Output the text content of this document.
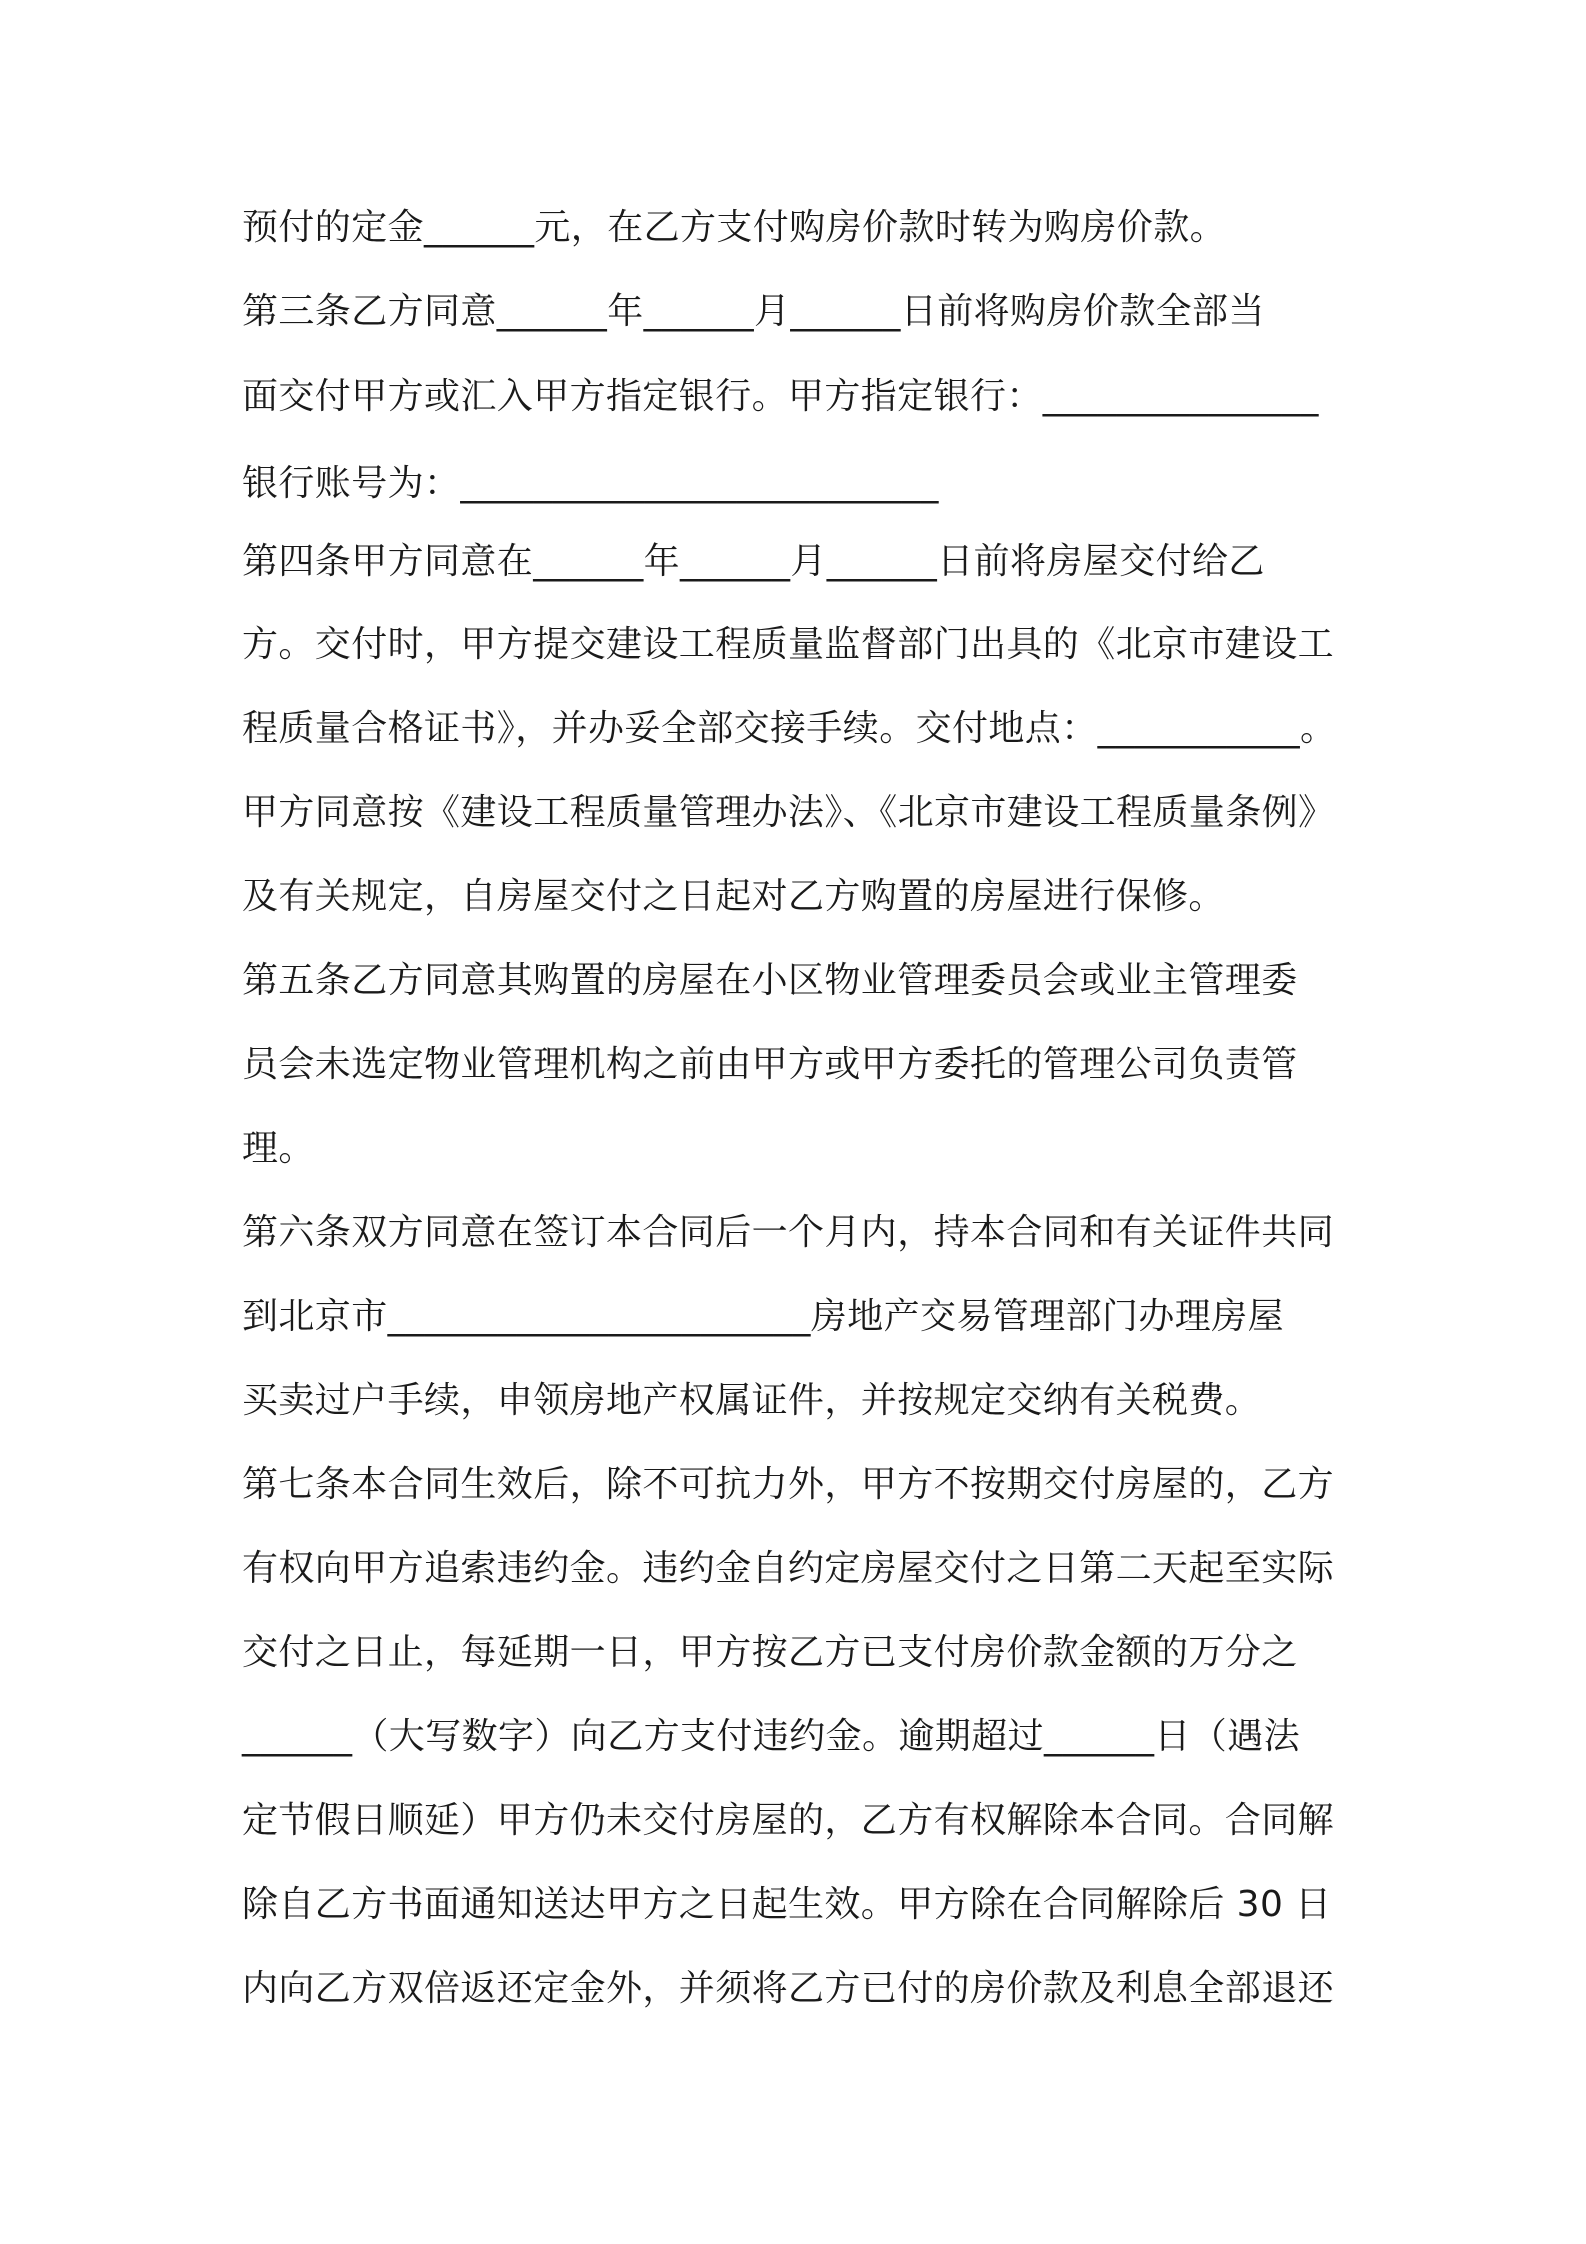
预付的定金______元，在乙方支付购房价款时转为购房价款。
第三条乙方同意______年______月______日前将购房价款全部当
面交付甲方或汇入甲方指定银行。甲方指定银行：_______________
银行账号为：__________________________
第四条甲方同意在______年______月______日前将房屋交付给乙
方。交付时，甲方提交建设工程质量监督部门出具的《北京市建设工
程质量合格证书》，并办妥全部交接手续。交付地点：___________。
甲方同意按《建设工程质量管理办法》、《北京市建设工程质量条例》
及有关规定，自房屋交付之日起对乙方购置的房屋进行保修。
第五条乙方同意其购置的房屋在小区物业管理委员会或业主管理委
员会未选定物业管理机构之前由甲方或甲方委托的管理公司负责管
理。
第六条双方同意在签订本合同后一个月内，持本合同和有关证件共同
到北京市_______________________房地产交易管理部门办理房屋
买卖过户手续，申领房地产权属证件，并按规定交纳有关税费。
第七条本合同生效后，除不可抗力外，甲方不按期交付房屋的，乙方
有权向甲方追索违约金。违约金自约定房屋交付之日第二天起至实际
交付之日止，每延期一日，甲方按乙方已支付房价款金额的万分之
______（大写数字）向乙方支付违约金。逾期超过______日（遇法
定节假日顺延）甲方仍未交付房屋的，乙方有权解除本合同。合同解
除自乙方书面通知送达甲方之日起生效。甲方除在合同解除后 30 日
内向乙方双倍返还定金外，并须将乙方已付的房价款及利息全部退还
